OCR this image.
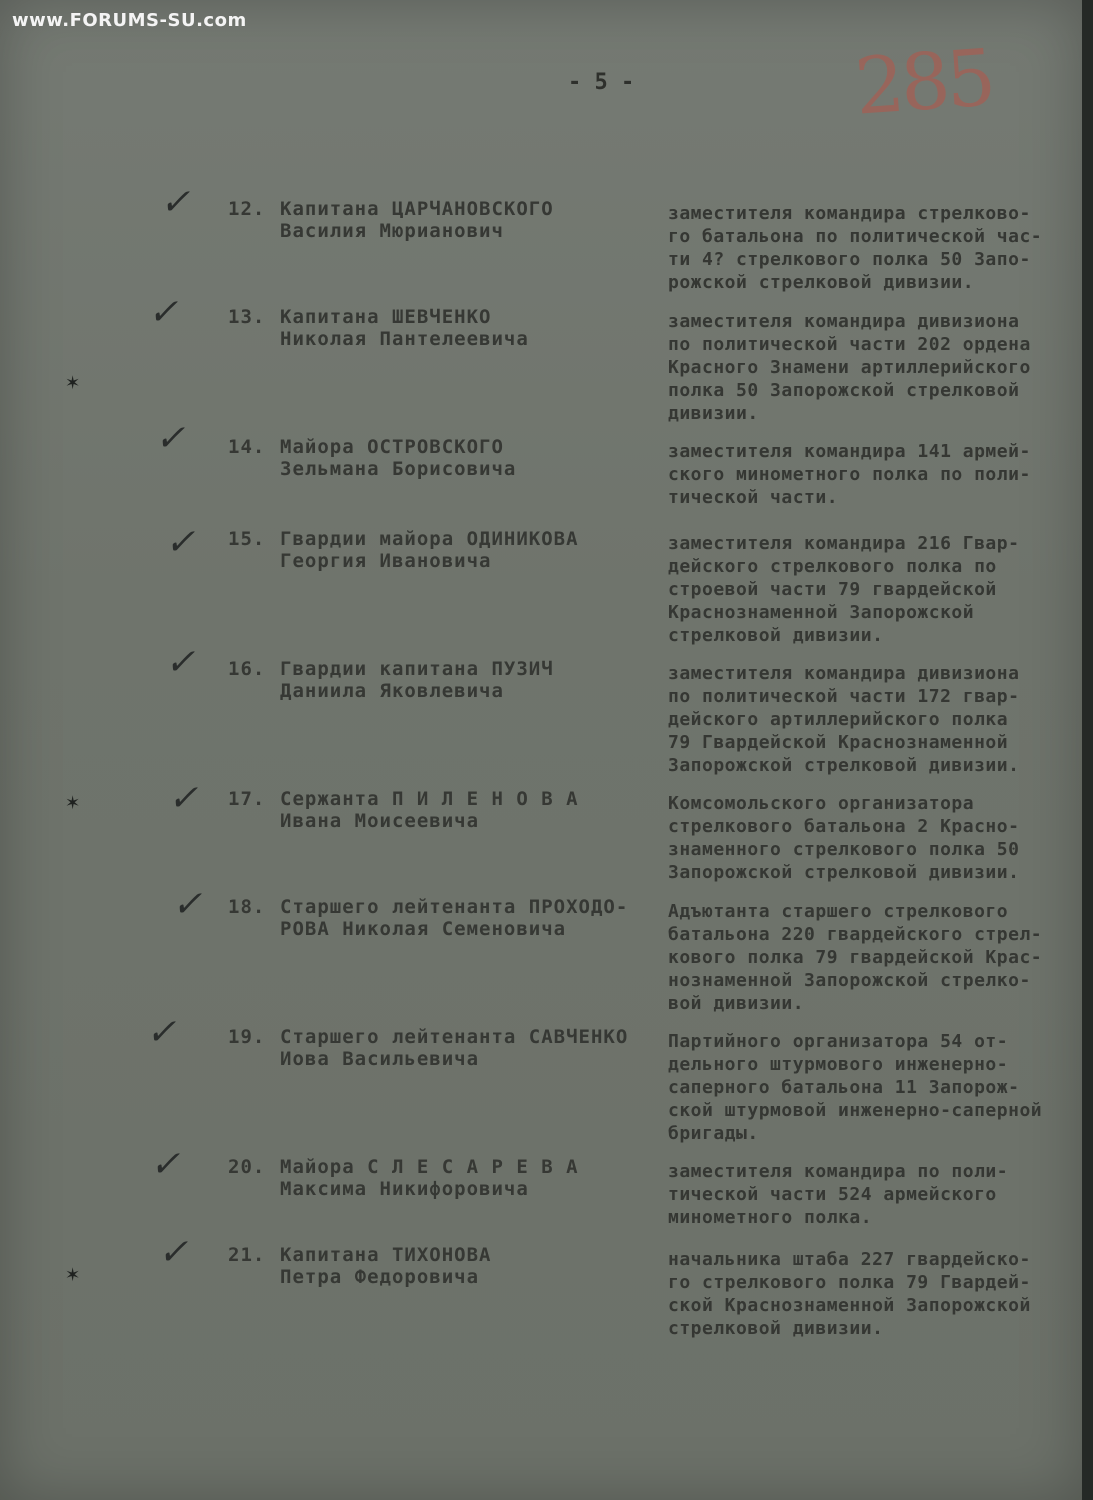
www.FORUMS-SU.com
- 5 -	285
✶
✶
✶
✓ 12. Капитана ЦАРЧАНОВСКОГО
Василия Мюрианович
заместителя командира стрелково-
го батальона по политической час-
ти 4? стрелкового полка 50 Запо-
рожской стрелковой дивизии.
✓	13. Капитана ШЕВЧЕНКО
Николая Пантелеевича
заместителя командира дивизиона
по политической части 202 ордена
Красного Знамени артиллерийского
полка 50 Запорожской стрелковой
дивизии.
✓ 14. Майора ОСТРОВСКОГО
Зельмана Борисовича
заместителя командира 141 армей-
ского минометного полка по поли-
тической части.
✓ 15. Гвардии майора ОДИНИКОВА
Георгия Ивановича
заместителя командира 216 Гвар-
дейского стрелкового полка по
строевой части 79 гвардейской
Краснознаменной Запорожской
стрелковой дивизии.
✓ 16. Гвардии капитана ПУЗИЧ
Даниила Яковлевича
заместителя командира дивизиона
по политической части 172 гвар-
дейского артиллерийского полка
79 Гвардейской Краснознаменной
Запорожской стрелковой дивизии.
✓ 17. Сержанта П И Л Е Н О В А
Ивана Моисеевича
Комсомольского организатора
стрелкового батальона 2 Красно-
знаменного стрелкового полка 50
Запорожской стрелковой дивизии.
✓ 18. Старшего лейтенанта ПРОХОДО-
РОВА Николая Семеновича
Адъютанта старшего стрелкового
батальона 220 гвардейского стрел-
кового полка 79 гвардейской Крас-
нознаменной Запорожской стрелко-
вой дивизии.
✓	19. Старшего лейтенанта САВЧЕНКО
Иова Васильевича
Партийного организатора 54 от-
дельного штурмового инженерно-
саперного батальона 11 Запорож-
ской штурмовой инженерно-саперной
бригады.
✓	20. Майора С Л Е С А Р Е В А
Максима Никифоровича
заместителя командира по поли-
тической части 524 армейского
минометного полка.
✓ 21. Капитана ТИХОНОВА
Петра Федоровича
начальника штаба 227 гвардейско-
го стрелкового полка 79 Гвардей-
ской Краснознаменной Запорожской
стрелковой дивизии.
